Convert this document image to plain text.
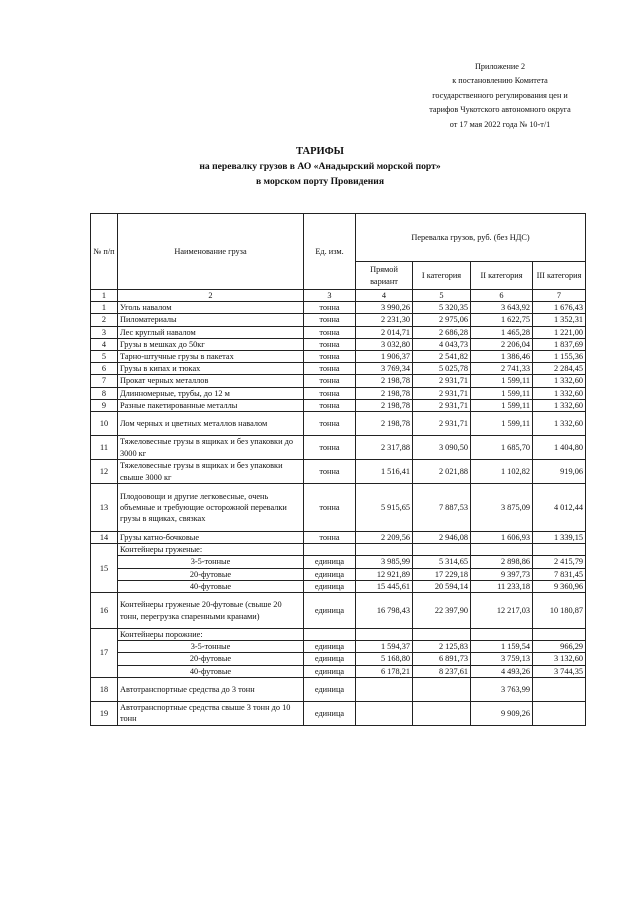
Приложение 2
к постановлению Комитета
государственного регулирования цен и
тарифов Чукотского автономного округа
от 17 мая 2022 года № 10-т/1
ТАРИФЫ
на перевалку грузов в АО «Анадырский морской порт»
в морском порту Провидения
№ п/п	Наименование груза	Ед. изм.	Перевалка грузов, руб. (без НДС)			
			Прямой вариант	I категория	II категория	III категория
1	2	3	4	5	6	7
1	Уголь навалом	тонна	3 990,26	5 320,35	3 643,92	1 676,43
2	Пиломатериалы	тонна	2 231,30	2 975,06	1 622,75	1 352,31
3	Лес круглый навалом	тонна	2 014,71	2 686,28	1 465,28	1 221,00
4	Грузы в мешках до 50кг	тонна	3 032,80	4 043,73	2 206,04	1 837,69
5	Тарно-штучные грузы в пакетах	тонна	1 906,37	2 541,82	1 386,46	1 155,36
6	Грузы в кипах и тюках	тонна	3 769,34	5 025,78	2 741,33	2 284,45
7	Прокат черных металлов	тонна	2 198,78	2 931,71	1 599,11	1 332,60
8	Длинномерные, трубы, до 12 м	тонна	2 198,78	2 931,71	1 599,11	1 332,60
9	Разные пакетированные металлы	тонна	2 198,78	2 931,71	1 599,11	1 332,60
10	Лом черных и цветных металлов навалом	тонна	2 198,78	2 931,71	1 599,11	1 332,60
11	Тяжеловесные грузы в ящиках и без упаковки до 3000 кг	тонна	2 317,88	3 090,50	1 685,70	1 404,80
12	Тяжеловесные грузы в ящиках и без упаковки свыше 3000 кг	тонна	1 516,41	2 021,88	1 102,82	919,06
13	Плодоовощи и другие легковесные, очень объемные и требующие осторожной перевалки грузы в ящиках, связках	тонна	5 915,65	7 887,53	3 875,09	4 012,44
14	Грузы катно-бочковые	тонна	2 209,56	2 946,08	1 606,93	1 339,15
15	Контейнеры груженые:					
	3-5-тонные	единица	3 985,99	5 314,65	2 898,86	2 415,79
	20-футовые	единица	12 921,89	17 229,18	9 397,73	7 831,45
	40-футовые	единица	15 445,61	20 594,14	11 233,18	9 360,96
16	Контейнеры груженые 20-футовые (свыше 20 тонн, перегрузка спаренными кранами)	единица	16 798,43	22 397,90	12 217,03	10 180,87
17	Контейнеры порожние:					
	3-5-тонные	единица	1 594,37	2 125,83	1 159,54	966,29
	20-футовые	единица	5 168,80	6 891,73	3 759,13	3 132,60
	40-футовые	единица	6 178,21	8 237,61	4 493,26	3 744,35
18	Автотранспортные средства до 3 тонн	единица			3 763,99	
19	Автотранспортные средства свыше 3 тонн до 10 тонн	единица			9 909,26	
